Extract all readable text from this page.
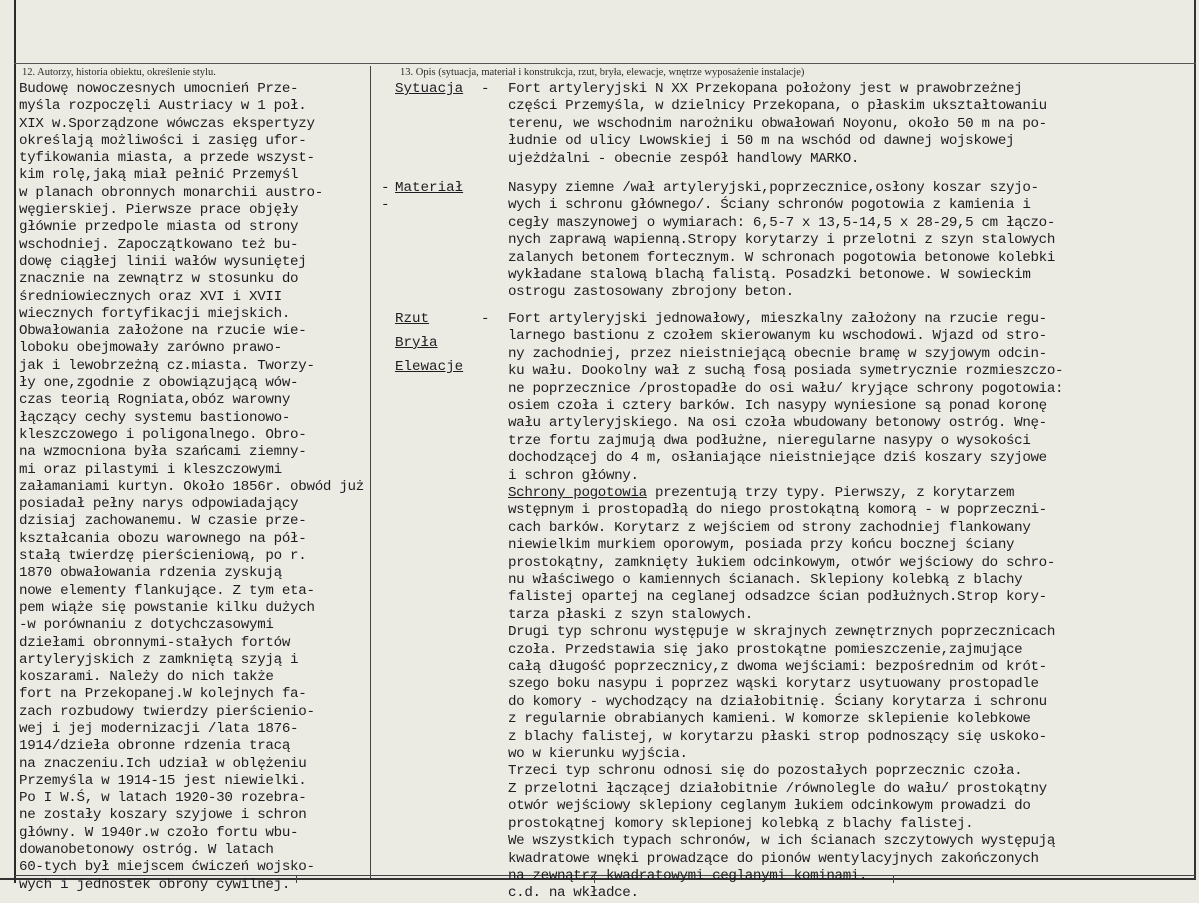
12. Autorzy, historia obiektu, określenie stylu.	13. Opis (sytuacja, materiał i konstrukcja, rzut, bryła, elewacje, wnętrze wyposażenie instalacje)
Budowę nowoczesnych umocnień Prze-
myśla rozpoczęli Austriacy w 1 poł.
XIX w.Sporządzone wówczas ekspertyzy
określają możliwości i zasięg ufor-
tyfikowania miasta, a przede wszyst-
kim rolę,jaką miał pełnić Przemyśl
w planach obronnych monarchii austro-
węgierskiej. Pierwsze prace objęły
głównie przedpole miasta od strony
wschodniej. Zapoczątkowano też bu-
dowę ciągłej linii wałów wysuniętej
znacznie na zewnątrz w stosunku do
średniowiecznych oraz XVI i XVII
wiecznych fortyfikacji miejskich.
Obwałowania założone na rzucie wie-
loboku obejmowały zarówno prawo-
jak i lewobrzeżną cz.miasta. Tworzy-
ły one,zgodnie z obowiązującą wów-
czas teorią Rogniata,obóz warowny
łączący cechy systemu bastionowo-
kleszczowego i poligonalnego. Obro-
na wzmocniona była szańcami ziemny-
mi oraz pilastymi i kleszczowymi
załamaniami kurtyn. Około 1856r. obwód już
posiadał pełny narys odpowiadający
dzisiaj zachowanemu. W czasie prze-
kształcania obozu warownego na pół-
stałą twierdzę pierścieniową, po r.
1870 obwałowania rdzenia zyskują
nowe elementy flankujące. Z tym eta-
pem wiąże się powstanie kilku dużych
-w porównaniu z dotychczasowymi
dziełami obronnymi-stałych fortów
artyleryjskich z zamkniętą szyją i
koszarami. Należy do nich także
fort na Przekopanej.W kolejnych fa-
zach rozbudowy twierdzy pierścienio-
wej i jej modernizacji /lata 1876-
1914/dzieła obronne rdzenia tracą
na znaczeniu.Ich udział w oblężeniu
Przemyśla w 1914-15 jest niewielki.
Po I W.Ś, w latach 1920-30 rozebra-
ne zostały koszary szyjowe i schron
główny. W 1940r.w czoło fortu wbu-
dowanobetonowy ostróg. W latach
60-tych był miejscem ćwiczeń wojsko-
wych i jednostek obrony cywilnej.
Sytuacja - Fort artyleryjski N XX Przekopana położony jest w prawobrzeżnej
części Przemyśla, w dzielnicy Przekopana, o płaskim ukształtowaniu
terenu, we wschodnim narożniku obwałowań Noyonu, około 50 m na po-
łudnie od ulicy Lwowskiej i 50 m na wschód od dawnej wojskowej
ujeżdżalni - obecnie zespół handlowy MARKO.
Materiał
--
Nasypy ziemne /wał artyleryjski,poprzecznice,osłony koszar szyjo-
wych i schronu głównego/. Ściany schronów pogotowia z kamienia i
cegły maszynowej o wymiarach: 6,5-7 x 13,5-14,5 x 28-29,5 cm łączo-
nych zaprawą wapienną.Stropy korytarzy i przelotni z szyn stalowych
zalanych betonem fortecznym. W schronach pogotowia betonowe kolebki
wykładane stalową blachą falistą. Posadzki betonowe. W sowieckim
ostrogu zastosowany zbrojony beton.
Rzut
Bryła
Elewacje
- Fort artyleryjski jednowałowy, mieszkalny założony na rzucie regu-
larnego bastionu z czołem skierowanym ku wschodowi. Wjazd od stro-
ny zachodniej, przez nieistniejącą obecnie bramę w szyjowym odcin-
ku wału. Dookolny wał z suchą fosą posiada symetrycznie rozmieszczo-
ne poprzecznice /prostopadłe do osi wału/ kryjące schrony pogotowia:
osiem czoła i cztery barków. Ich nasypy wyniesione są ponad koronę
wału artyleryjskiego. Na osi czoła wbudowany betonowy ostróg. Wnę-
trze fortu zajmują dwa podłużne, nieregularne nasypy o wysokości
dochodzącej do 4 m, osłaniające nieistniejące dziś koszary szyjowe
i schron główny.
Schrony pogotowia prezentują trzy typy. Pierwszy, z korytarzem
wstępnym i prostopadłą do niego prostokątną komorą - w poprzeczni-
cach barków. Korytarz z wejściem od strony zachodniej flankowany
niewielkim murkiem oporowym, posiada przy końcu bocznej ściany
prostokątny, zamknięty łukiem odcinkowym, otwór wejściowy do schro-
nu właściwego o kamiennych ścianach. Sklepiony kolebką z blachy
falistej opartej na ceglanej odsadzce ścian podłużnych.Strop kory-
tarza płaski z szyn stalowych.
Drugi typ schronu występuje w skrajnych zewnętrznych poprzecznicach
czoła. Przedstawia się jako prostokątne pomieszczenie,zajmujące
całą długość poprzecznicy,z dwoma wejściami: bezpośrednim od krót-
szego boku nasypu i poprzez wąski korytarz usytuowany prostopadle
do komory - wychodzący na działobitnię. Ściany korytarza i schronu
z regularnie obrabianych kamieni. W komorze sklepienie kolebkowe
z blachy falistej, w korytarzu płaski strop podnoszący się uskoko-
wo w kierunku wyjścia.
Trzeci typ schronu odnosi się do pozostałych poprzecznic czoła.
Z przelotni łączącej działobitnie /równolegle do wału/ prostokątny
otwór wejściowy sklepiony ceglanym łukiem odcinkowym prowadzi do
prostokątnej komory sklepionej kolebką z blachy falistej.
We wszystkich typach schronów, w ich ścianach szczytowych występują
kwadratowe wnęki prowadzące do pionów wentylacyjnych zakończonych
na zewnątrz kwadratowymi ceglanymi kominami.
c.d. na wkładce.
